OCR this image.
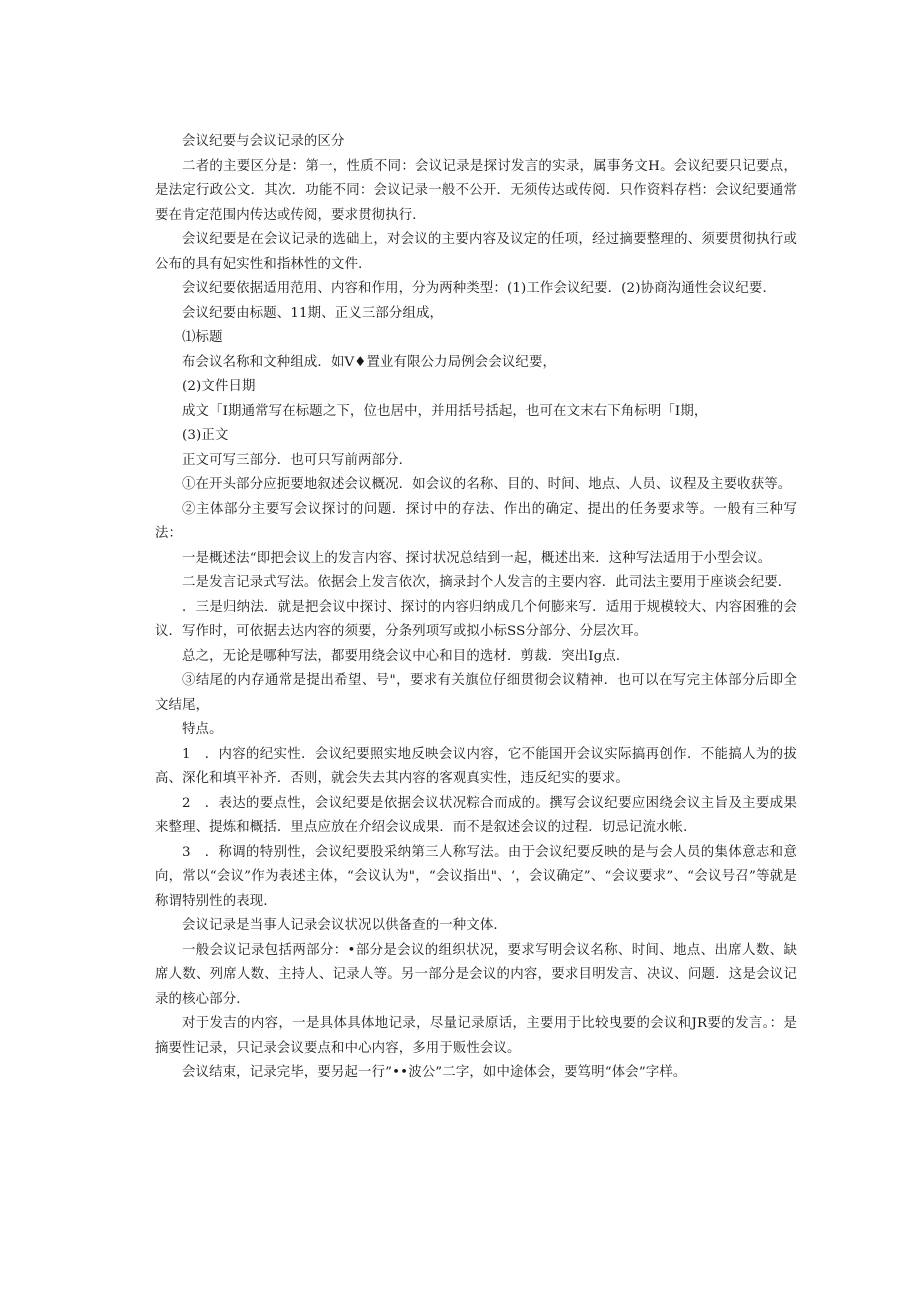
会议纪要与会议记录的区分

二者的主要区分是：第一，性质不同：会议记录是探讨发言的实录，属事务文H。会议纪要只记要点，是法定行政公文．其次．功能不同：会议记录一般不公开．无须传达或传阅．只作资料存档：会议纪要通常要在肯定范围内传达或传阅，要求贯彻执行．

会议纪要是在会议记录的选础上，对会议的主要内容及议定的任项，经过摘要整理的、须要贯彻执行或公布的具有妃实性和指林性的文件．

会议纪要依据适用范用、内容和作用，分为两种类型：(1)工作会议纪要．(2)协商沟通性会议纪要．

会议纪要由标题、11期、正义三部分组成，

⑴标题

布会议名称和文种组成．如V♦置业有限公力局例会会议纪要，

(2)文件日期

成文「I期通常写在标题之下，位也居中，并用括号括起，也可在文末右下角标明「I期，

(3)正文

正文可写三部分．也可只写前两部分．

①在开头部分应扼要地叙述会议概况．如会议的名称、目的、时间、地点、人员、议程及主要收获等。

②主体部分主要写会议探讨的问题．探讨中的存法、作出的确定、提出的任务要求等。一般有三种写法：

一是概述法“即把会议上的发言内容、探讨状况总结到一起，概述出来．这种写法适用于小型会议。

二是发言记录式写法。依据会上发言依次，摘录封个人发言的主要内容．此司法主要用于座谈会纪要．

．三是归纳法．就是把会议中探讨、探讨的内容归纳成几个何膨来写．适用于规模较大、内容困雅的会议．写作时，可依据去达内容的须要，分条列项写或拟小标SS分部分、分层次耳。

总之，无论是哪种写法，都要用绕会议中心和目的选材．剪裁．突出Ig点．

③结尾的内存通常是提出希望、号"，要求有关旗位仔细贯彻会议精神．也可以在写完主体部分后即全文结尾，

特点。

1　．内容的纪实性．会议纪要照实地反映会议内容，它不能国开会议实际搞再创作．不能搞人为的拔高、深化和填平补齐．否则，就会失去其内容的客观真实性，违反纪实的要求。

2　．表达的要点性，会议纪要是依据会议状况粽合而成的。撰写会议纪要应困绕会议主旨及主要成果来整理、提炼和概括．里点应放在介绍会议成果．而不是叙述会议的过程．切忌记流水帐．

3　．称调的特别性，会议纪要股采纳第三人称写法。由于会议纪要反映的是与会人员的集体意志和意向，常以“会议”作为表述主体，“会议认为"，“会议指出"、‘，会议确定”、“会议要求”、“会议号召”等就是称谓特别性的表现．

会议记录是当事人记录会议状况以供备查的一种文体．

一般会议记录包括两部分：•部分是会议的组织状况，要求写明会议名称、时间、地点、出席人数、缺席人数、列席人数、主持人、记录人等。另一部分是会议的内容，要求目明发言、决议、问题．这是会议记录的核心部分．

对于发吉的内容，一是具体具体地记录，尽量记录原话，主要用于比较曳要的会议和JR要的发言。：是摘要性记录，只记录会议要点和中心内容，多用于贩性会议。

会议结束，记录完毕，要另起一行”••波公”二字，如中途体会，要笃明“体会”字样。
